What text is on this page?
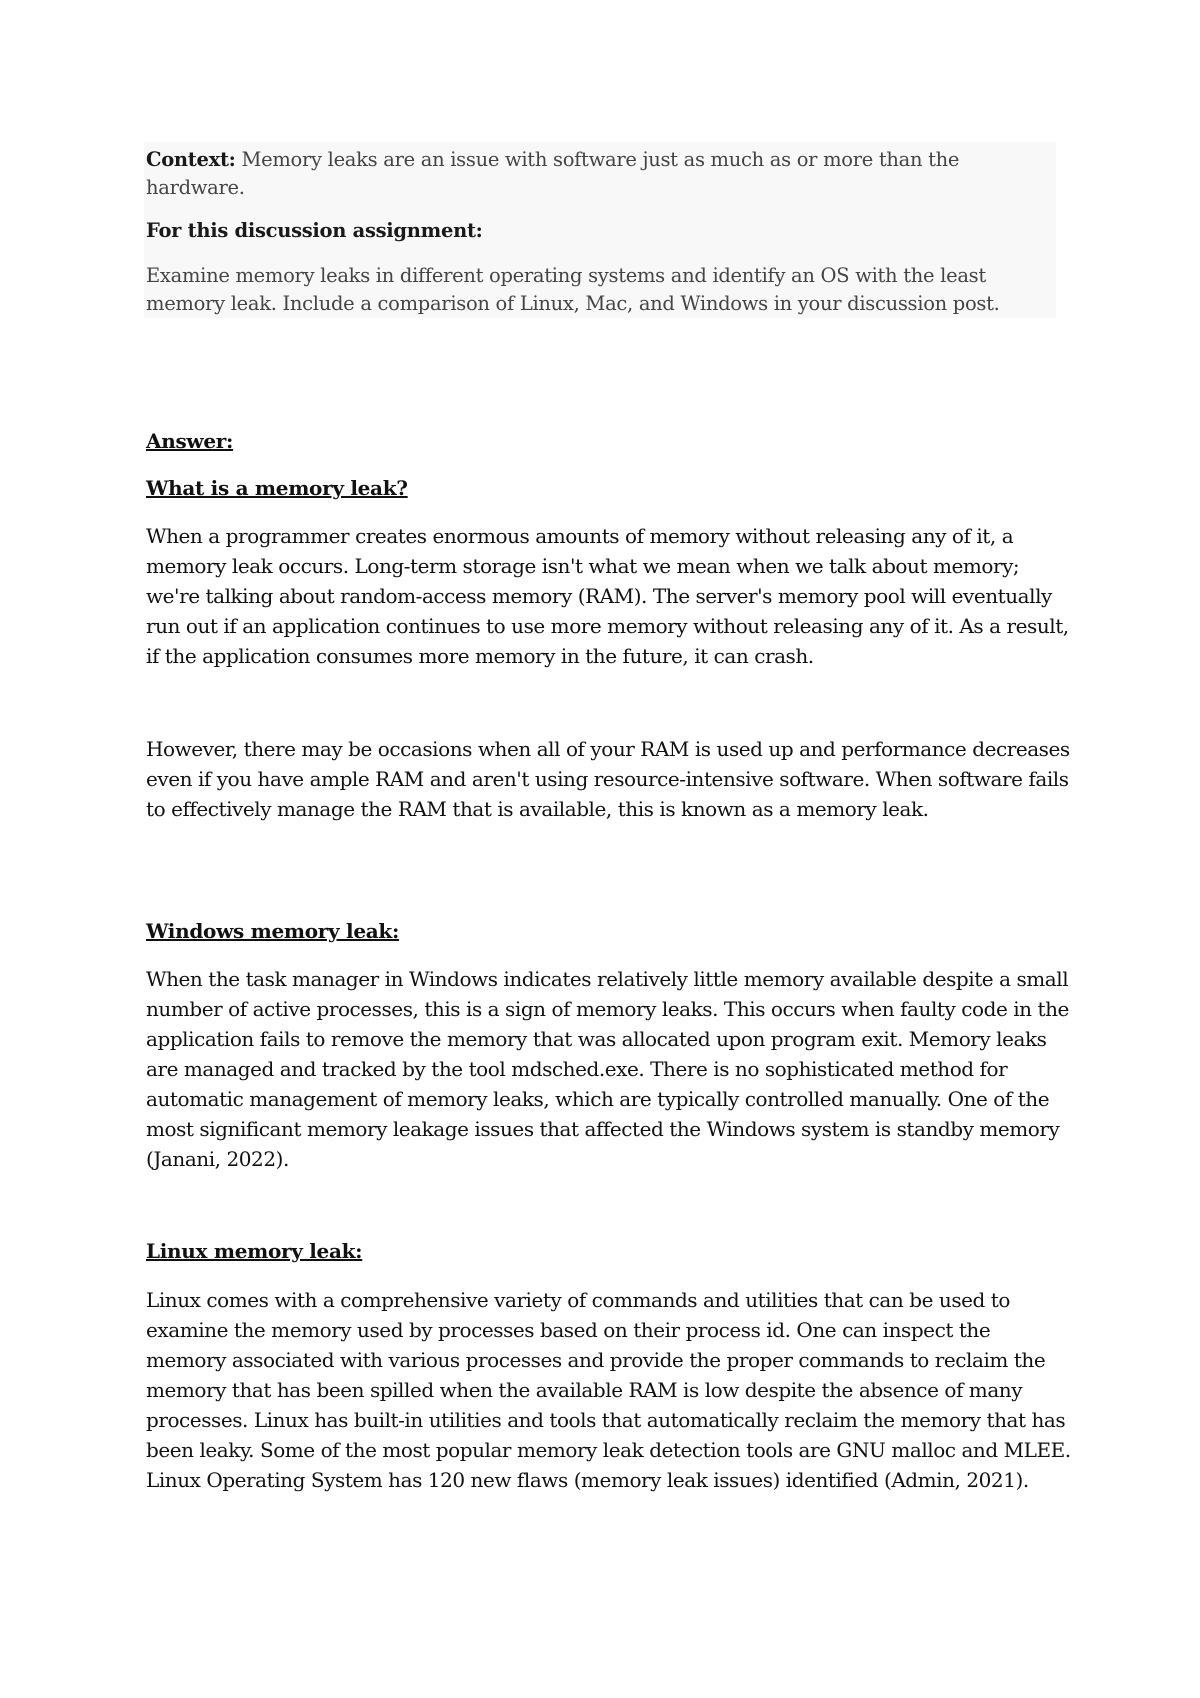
Context: Memory leaks are an issue with software just as much as or more than the hardware.
For this discussion assignment:
Examine memory leaks in different operating systems and identify an OS with the least memory leak. Include a comparison of Linux, Mac, and Windows in your discussion post.
Answer:
What is a memory leak?
When a programmer creates enormous amounts of memory without releasing any of it, a memory leak occurs. Long-term storage isn't what we mean when we talk about memory; we're talking about random-access memory (RAM). The server's memory pool will eventually run out if an application continues to use more memory without releasing any of it. As a result, if the application consumes more memory in the future, it can crash.
However, there may be occasions when all of your RAM is used up and performance decreases even if you have ample RAM and aren't using resource-intensive software. When software fails to effectively manage the RAM that is available, this is known as a memory leak.
Windows memory leak:
When the task manager in Windows indicates relatively little memory available despite a small number of active processes, this is a sign of memory leaks. This occurs when faulty code in the application fails to remove the memory that was allocated upon program exit. Memory leaks are managed and tracked by the tool mdsched.exe. There is no sophisticated method for automatic management of memory leaks, which are typically controlled manually. One of the most significant memory leakage issues that affected the Windows system is standby memory (Janani, 2022).
Linux memory leak:
Linux comes with a comprehensive variety of commands and utilities that can be used to examine the memory used by processes based on their process id. One can inspect the memory associated with various processes and provide the proper commands to reclaim the memory that has been spilled when the available RAM is low despite the absence of many processes. Linux has built-in utilities and tools that automatically reclaim the memory that has been leaky. Some of the most popular memory leak detection tools are GNU malloc and MLEE. Linux Operating System has 120 new flaws (memory leak issues) identified (Admin, 2021).
